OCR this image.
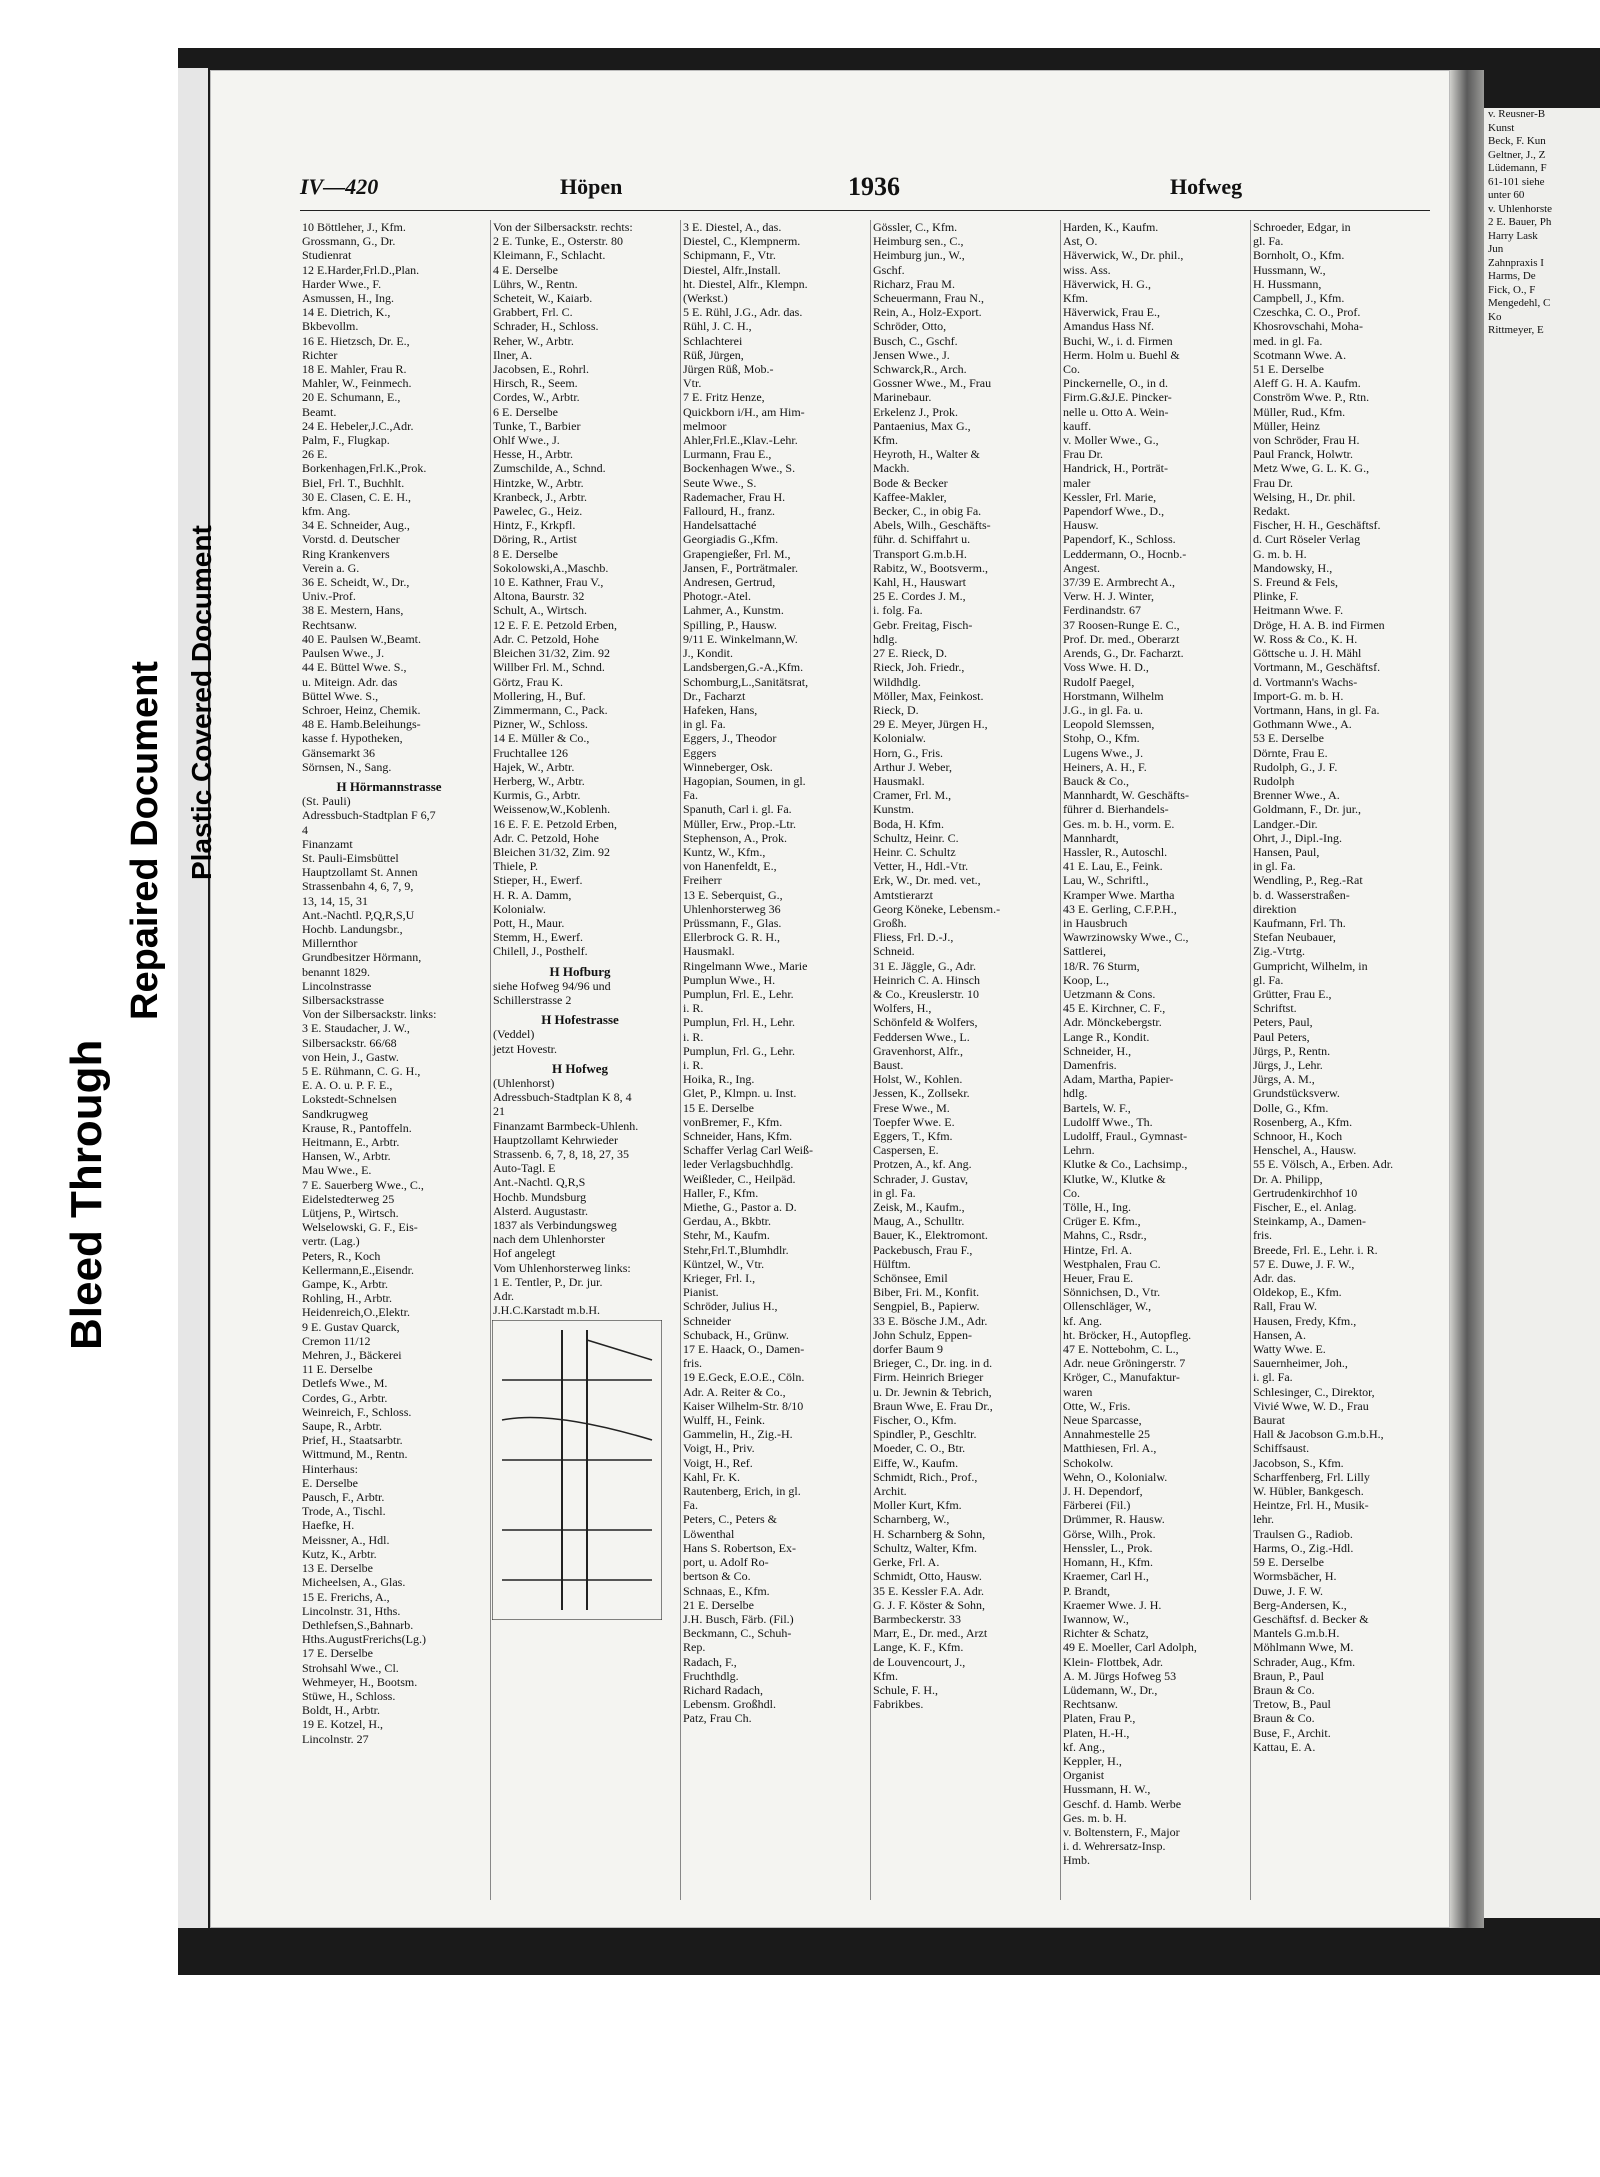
IV—420	Höpen	1936	Hofweg
10 Böttleher, J., Kfm.
Grossmann, G., Dr.
Studienrat
12 E.Harder,Frl.D.,Plan.
Harder Wwe., F.
Asmussen, H., Ing.
14 E. Dietrich, K.,
Bkbevollm.
16 E. Hietzsch, Dr. E.,
Richter
18 E. Mahler, Frau R.
Mahler, W., Feinmech.
20 E. Schumann, E.,
Beamt.
24 E. Hebeler,J.C.,Adr.
Palm, F., Flugkap.
26 E.
Borkenhagen,Frl.K.,Prok.
Biel, Frl. T., Buchhlt.
30 E. Clasen, C. E. H.,
kfm. Ang.
34 E. Schneider, Aug.,
Vorstd. d. Deutscher
Ring Krankenvers
Verein a. G.
36 E. Scheidt, W., Dr.,
Univ.-Prof.
38 E. Mestern, Hans,
Rechtsanw.
40 E. Paulsen W.,Beamt.
Paulsen Wwe., J.
44 E. Büttel Wwe. S.,
u. Miteign. Adr. das
Büttel Wwe. S.,
Schroer, Heinz, Chemik.
48 E. Hamb.Beleihungs-
kasse f. Hypotheken,
Gänsemarkt 36
Sörnsen, N., Sang.
H Hörmannstrasse
(St. Pauli)
Adressbuch-Stadtplan F 6,7
4
Finanzamt
St. Pauli-Eimsbüttel
Hauptzollamt St. Annen
Strassenbahn 4, 6, 7, 9,
13, 14, 15, 31
Ant.-Nachtl. P,Q,R,S,U
Hochb. Landungsbr.,
Millernthor
Grundbesitzer Hörmann,
benannt 1829.
Lincolnstrasse
Silbersackstrasse
Von der Silbersackstr. links:
3 E. Staudacher, J. W.,
Silbersackstr. 66/68
von Hein, J., Gastw.
5 E. Rühmann, C. G. H.,
E. A. O. u. P. F. E.,
Lokstedt-Schnelsen
Sandkrugweg
Krause, R., Pantoffeln.
Heitmann, E., Arbtr.
Hansen, W., Arbtr.
Mau Wwe., E.
7 E. Sauerberg Wwe., C.,
Eidelstedterweg 25
Lütjens, P., Wirtsch.
Welselowski, G. F., Eis-
vertr. (Lag.)
Peters, R., Koch
Kellermann,E.,Eisendr.
Gampe, K., Arbtr.
Rohling, H., Arbtr.
Heidenreich,O.,Elektr.
9 E. Gustav Quarck,
Cremon 11/12
Mehren, J., Bäckerei
11 E. Derselbe
Detlefs Wwe., M.
Cordes, G., Arbtr.
Weinreich, F., Schloss.
Saupe, R., Arbtr.
Prief, H., Staatsarbtr.
Wittmund, M., Rentn.
Hinterhaus:
E. Derselbe
Pausch, F., Arbtr.
Trode, A., Tischl.
Haefke, H.
Meissner, A., Hdl.
Kutz, K., Arbtr.
13 E. Derselbe
Micheelsen, A., Glas.
15 E. Frerichs, A.,
Lincolnstr. 31, Hths.
Dethlefsen,S.,Bahnarb.
Hths.AugustFrerichs(Lg.)
17 E. Derselbe
Strohsahl Wwe., Cl.
Wehmeyer, H., Bootsm.
Stüwe, H., Schloss.
Boldt, H., Arbtr.
19 E. Kotzel, H.,
Lincolnstr. 27
Von der Silbersackstr. rechts:
2 E. Tunke, E., Osterstr. 80
Kleimann, F., Schlacht.
4 E. Derselbe
Lührs, W., Rentn.
Scheteit, W., Kaiarb.
Grabbert, Frl. C.
Schrader, H., Schloss.
Reher, W., Arbtr.
Ilner, A.
Jacobsen, E., Rohrl.
Hirsch, R., Seem.
Cordes, W., Arbtr.
6 E. Derselbe
Tunke, T., Barbier
Ohlf Wwe., J.
Hesse, H., Arbtr.
Zumschilde, A., Schnd.
Hintzke, W., Arbtr.
Kranbeck, J., Arbtr.
Pawelec, G., Heiz.
Hintz, F., Krkpfl.
Döring, R., Artist
8 E. Derselbe
Sokolowski,A.,Maschb.
10 E. Kathner, Frau V.,
Altona, Baurstr. 32
Schult, A., Wirtsch.
12 E. F. E. Petzold Erben,
Adr. C. Petzold, Hohe
Bleichen 31/32, Zim. 92
Willber Frl. M., Schnd.
Görtz, Frau K.
Mollering, H., Buf.
Zimmermann, C., Pack.
Pizner, W., Schloss.
14 E. Müller & Co.,
Fruchtallee 126
Hajek, W., Arbtr.
Herberg, W., Arbtr.
Kurmis, G., Arbtr.
Weissenow,W.,Koblenh.
16 E. F. E. Petzold Erben,
Adr. C. Petzold, Hohe
Bleichen 31/32, Zim. 92
Thiele, P.
Stieper, H., Ewerf.
H. R. A. Damm,
Kolonialw.
Pott, H., Maur.
Stemm, H., Ewerf.
Chilell, J., Posthelf.
H Hofburg
siehe Hofweg 94/96 und
Schillerstrasse 2
H Hofestrasse
(Veddel)
jetzt Hovestr.
H Hofweg
(Uhlenhorst)
Adressbuch-Stadtplan K 8, 4
21
Finanzamt Barmbeck-Uhlenh.
Hauptzollamt Kehrwieder
Strassenb. 6, 7, 8, 18, 27, 35
Auto-Tagl. E
Ant.-Nachtl. Q,R,S
Hochb. Mundsburg
Alsterd. Augustastr.
1837 als Verbindungsweg
nach dem Uhlenhorster
Hof angelegt
Vom Uhlenhorsterweg links:
1 E. Tentler, P., Dr. jur.
Adr.
J.H.C.Karstadt m.b.H.
3 E. Diestel, A., das.
Diestel, C., Klempnerm.
Schipmann, F., Vtr.
Diestel, Alfr.,Install.
ht. Diestel, Alfr., Klempn.
(Werkst.)
5 E. Rühl, J.G., Adr. das.
Rühl, J. C. H.,
Schlachterei
Rüß, Jürgen,
Jürgen Rüß, Mob.-
Vtr.
7 E. Fritz Henze,
Quickborn i/H., am Him-
melmoor
Ahler,Frl.E.,Klav.-Lehr.
Lurmann, Frau E.,
Bockenhagen Wwe., S.
Seute Wwe., S.
Rademacher, Frau H.
Fallourd, H., franz.
Handelsattaché
Georgiadis G.,Kfm.
Grapengießer, Frl. M.,
Jansen, F., Porträtmaler.
Andresen, Gertrud,
Photogr.-Atel.
Lahmer, A., Kunstm.
Spilling, P., Hausw.
9/11 E. Winkelmann,W.
J., Kondit.
Landsbergen,G.-A.,Kfm.
Schomburg,L.,Sanitätsrat,
Dr., Facharzt
Hafeken, Hans,
in gl. Fa.
Eggers, J., Theodor
Eggers
Winneberger, Osk.
Hagopian, Soumen, in gl.
Fa.
Spanuth, Carl i. gl. Fa.
Müller, Erw., Prop.-Ltr.
Stephenson, A., Prok.
Kuntz, W., Kfm.,
von Hanenfeldt, E.,
Freiherr
13 E. Seberquist, G.,
Uhlenhorsterweg 36
Prüssmann, F., Glas.
Ellerbrock G. R. H.,
Hausmakl.
Ringelmann Wwe., Marie
Pumplun Wwe., H.
Pumplun, Frl. E., Lehr.
i. R.
Pumplun, Frl. H., Lehr.
i. R.
Pumplun, Frl. G., Lehr.
i. R.
Hoika, R., Ing.
Glet, P., Klmpn. u. Inst.
15 E. Derselbe
vonBremer, F., Kfm.
Schneider, Hans, Kfm.
Schaffer Verlag Carl Weiß-
leder Verlagsbuchhdlg.
Weißleder, C., Heilpäd.
Haller, F., Kfm.
Miethe, G., Pastor a. D.
Gerdau, A., Bkbtr.
Stehr, M., Kaufm.
Stehr,Frl.T.,Blumhdlr.
Küntzel, W., Vtr.
Krieger, Frl. I.,
Pianist.
Schröder, Julius H.,
Schneider
Schuback, H., Grünw.
17 E. Haack, O., Damen-
fris.
19 E.Geck, E.O.E., Cöln.
Adr. A. Reiter & Co.,
Kaiser Wilhelm-Str. 8/10
Wulff, H., Feink.
Gammelin, H., Zig.-H.
Voigt, H., Priv.
Voigt, H., Ref.
Kahl, Fr. K.
Rautenberg, Erich, in gl.
Fa.
Peters, C., Peters &
Löwenthal
Hans S. Robertson, Ex-
port, u. Adolf Ro-
bertson & Co.
Schnaas, E., Kfm.
21 E. Derselbe
J.H. Busch, Färb. (Fil.)
Beckmann, C., Schuh-
Rep.
Radach, F.,
Fruchthdlg.
Richard Radach,
Lebensm. Großhdl.
Patz, Frau Ch.
Gössler, C., Kfm.
Heimburg sen., C.,
Heimburg jun., W.,
Gschf.
Richarz, Frau M.
Scheuermann, Frau N.,
Rein, A., Holz-Export.
Schröder, Otto,
Busch, C., Gschf.
Jensen Wwe., J.
Schwarck,R., Arch.
Gossner Wwe., M., Frau
Marinebaur.
Erkelenz J., Prok.
Pantaenius, Max G.,
Kfm.
Heyroth, H., Walter &
Mackh.
Bode & Becker
Kaffee-Makler,
Becker, C., in obig Fa.
Abels, Wilh., Geschäfts-
führ. d. Schiffahrt u.
Transport G.m.b.H.
Rabitz, W., Bootsverm.,
Kahl, H., Hauswart
25 E. Cordes J. M.,
i. folg. Fa.
Gebr. Freitag, Fisch-
hdlg.
27 E. Rieck, D.
Rieck, Joh. Friedr.,
Wildhdlg.
Möller, Max, Feinkost.
Rieck, D.
29 E. Meyer, Jürgen H.,
Kolonialw.
Horn, G., Fris.
Arthur J. Weber,
Hausmakl.
Cramer, Frl. M.,
Kunstm.
Boda, H. Kfm.
Schultz, Heinr. C.
Heinr. C. Schultz
Vetter, H., Hdl.-Vtr.
Erk, W., Dr. med. vet.,
Amtstierarzt
Georg Köneke, Lebensm.-
Großh.
Fliess, Frl. D.-J.,
Schneid.
31 E. Jäggle, G., Adr.
Heinrich C. A. Hinsch
& Co., Kreuslerstr. 10
Wolfers, H.,
Schönfeld & Wolfers,
Feddersen Wwe., L.
Gravenhorst, Alfr.,
Baust.
Holst, W., Kohlen.
Jessen, K., Zollsekr.
Frese Wwe., M.
Toepfer Wwe. E.
Eggers, T., Kfm.
Caspersen, E.
Protzen, A., kf. Ang.
Schrader, J. Gustav,
in gl. Fa.
Zeisk, M., Kaufm.,
Maug, A., Schulltr.
Bauer, K., Elektromont.
Packebusch, Frau F.,
Hülftm.
Schönsee, Emil
Biber, Fri. M., Konfit.
Sengpiel, B., Papierw.
33 E. Bösche J.M., Adr.
John Schulz, Eppen-
dorfer Baum 9
Brieger, C., Dr. ing. in d.
Firm. Heinrich Brieger
u. Dr. Jewnin & Tebrich,
Braun Wwe, E. Frau Dr.,
Fischer, O., Kfm.
Spindler, P., Geschltr.
Moeder, C. O., Btr.
Eiffe, W., Kaufm.
Schmidt, Rich., Prof.,
Archit.
Moller Kurt, Kfm.
Scharnberg, W.,
H. Scharnberg & Sohn,
Schultz, Walter, Kfm.
Gerke, Frl. A.
Schmidt, Otto, Hausw.
35 E. Kessler F.A. Adr.
G. J. F. Köster & Sohn,
Barmbeckerstr. 33
Marr, E., Dr. med., Arzt
Lange, K. F., Kfm.
de Louvencourt, J.,
Kfm.
Schule, F. H.,
Fabrikbes.
Harden, K., Kaufm.
Ast, O.
Häverwick, W., Dr. phil.,
wiss. Ass.
Häverwick, H. G.,
Kfm.
Häverwick, Frau E.,
Amandus Hass Nf.
Buchi, W., i. d. Firmen
Herm. Holm u. Buehl &
Co.
Pinckernelle, O., in d.
Firm.G.&J.E. Pincker-
nelle u. Otto A. Wein-
kauff.
v. Moller Wwe., G.,
Frau Dr.
Handrick, H., Porträt-
maler
Kessler, Frl. Marie,
Papendorf Wwe., D.,
Hausw.
Papendorf, K., Schloss.
Leddermann, O., Hocnb.-
Angest.
37/39 E. Armbrecht A.,
Verw. H. J. Winter,
Ferdinandstr. 67
37 Roosen-Runge E. C.,
Prof. Dr. med., Oberarzt
Arends, G., Dr. Facharzt.
Voss Wwe. H. D.,
Rudolf Paegel,
Horstmann, Wilhelm
J.G., in gl. Fa. u.
Leopold Slemssen,
Stohp, O., Kfm.
Lugens Wwe., J.
Heiners, A. H., F.
Bauck & Co.,
Mannhardt, W. Geschäfts-
führer d. Bierhandels-
Ges. m. b. H., vorm. E.
Mannhardt,
Hassler, R., Autoschl.
41 E. Lau, E., Feink.
Lau, W., Schriftl.,
Kramper Wwe. Martha
43 E. Gerling, C.F.P.H.,
in Hausbruch
Wawrzinowsky Wwe., C.,
Sattlerei,
18/R. 76 Sturm,
Koop, L.,
Uetzmann & Cons.
45 E. Kirchner, C. F.,
Adr. Mönckebergstr.
Lange R., Kondit.
Schneider, H.,
Damenfris.
Adam, Martha, Papier-
hdlg.
Bartels, W. F.,
Ludolff Wwe., Th.
Ludolff, Fraul., Gymnast-
Lehrn.
Klutke & Co., Lachsimp.,
Klutke, W., Klutke &
Co.
Tölle, H., Ing.
Crüger E. Kfm.,
Mahns, C., Rsdr.,
Hintze, Frl. A.
Westphalen, Frau C.
Heuer, Frau E.
Sönnichsen, D., Vtr.
Ollenschläger, W.,
kf. Ang.
ht. Bröcker, H., Autopfleg.
47 E. Nottebohm, C. L.,
Adr. neue Gröningerstr. 7
Kröger, C., Manufaktur-
waren
Otte, W., Fris.
Neue Sparcasse,
Annahmestelle 25
Matthiesen, Frl. A.,
Schokolw.
Wehn, O., Kolonialw.
J. H. Dependorf,
Färberei (Fil.)
Drümmer, R. Hausw.
Görse, Wilh., Prok.
Henssler, L., Prok.
Homann, H., Kfm.
Kraemer, Carl H.,
P. Brandt,
Kraemer Wwe. J. H.
Iwannow, W.,
Richter & Schatz,
49 E. Moeller, Carl Adolph,
Klein- Flottbek, Adr.
A. M. Jürgs Hofweg 53
Lüdemann, W., Dr.,
Rechtsanw.
Platen, Frau P.,
Platen, H.-H.,
kf. Ang.,
Keppler, H.,
Organist
Hussmann, H. W.,
Geschf. d. Hamb. Werbe
Ges. m. b. H.
v. Boltenstern, F., Major
i. d. Wehrersatz-Insp.
Hmb.
Schroeder, Edgar, in
gl. Fa.
Bornholt, O., Kfm.
Hussmann, W.,
H. Hussmann,
Campbell, J., Kfm.
Czeschka, C. O., Prof.
Khosrovschahi, Moha-
med. in gl. Fa.
Scotmann Wwe. A.
51 E. Derselbe
Aleff G. H. A. Kaufm.
Conström Wwe. P., Rtn.
Müller, Rud., Kfm.
Müller, Heinz
von Schröder, Frau H.
Paul Franck, Holwtr.
Metz Wwe, G. L. K. G.,
Frau Dr.
Welsing, H., Dr. phil.
Redakt.
Fischer, H. H., Geschäftsf.
d. Curt Röseler Verlag
G. m. b. H.
Mandowsky, H.,
S. Freund & Fels,
Plinke, F.
Heitmann Wwe. F.
Dröge, H. A. B. ind Firmen
W. Ross & Co., K. H.
Göttsche u. J. H. Mähl
Vortmann, M., Geschäftsf.
d. Vortmann's Wachs-
Import-G. m. b. H.
Vortmann, Hans, in gl. Fa.
Gothmann Wwe., A.
53 E. Derselbe
Dörnte, Frau E.
Rudolph, G., J. F.
Rudolph
Brenner Wwe., A.
Goldmann, F., Dr. jur.,
Landger.-Dir.
Ohrt, J., Dipl.-Ing.
Hansen, Paul,
in gl. Fa.
Wendling, P., Reg.-Rat
b. d. Wasserstraßen-
direktion
Kaufmann, Frl. Th.
Stefan Neubauer,
Zig.-Vtrtg.
Gumpricht, Wilhelm, in
gl. Fa.
Grütter, Frau E.,
Schriftst.
Peters, Paul,
Paul Peters,
Jürgs, P., Rentn.
Jürgs, J., Lehr.
Jürgs, A. M.,
Grundstücksverw.
Dolle, G., Kfm.
Rosenberg, A., Kfm.
Schnoor, H., Koch
Henschel, A., Hausw.
55 E. Völsch, A., Erben. Adr.
Dr. A. Philipp,
Gertrudenkirchhof 10
Fischer, E., el. Anlag.
Steinkamp, A., Damen-
fris.
Breede, Frl. E., Lehr. i. R.
57 E. Duwe, J. F. W.,
Adr. das.
Oldekop, E., Kfm.
Rall, Frau W.
Hausen, Fredy, Kfm.,
Hansen, A.
Watty Wwe. E.
Sauernheimer, Joh.,
i. gl. Fa.
Schlesinger, C., Direktor,
Vivié Wwe, W. D., Frau
Baurat
Hall & Jacobson G.m.b.H.,
Schiffsaust.
Jacobson, S., Kfm.
Scharffenberg, Frl. Lilly
W. Hübler, Bankgesch.
Heintze, Frl. H., Musik-
lehr.
Traulsen G., Radiob.
Harms, O., Zig.-Hdl.
59 E. Derselbe
Wormsbächer, H.
Duwe, J. F. W.
Berg-Andersen, K.,
Geschäftsf. d. Becker &
Mantels G.m.b.H.
Möhlmann Wwe, M.
Schrader, Aug., Kfm.
Braun, P., Paul
Braun & Co.
Tretow, B., Paul
Braun & Co.
Buse, F., Archit.
Kattau, E. A.
v. Reusner-B
Kunst
Beck, F. Kun
Geltner, J., Z
Lüdemann, F
61-101 siehe
unter 60
v. Uhlenhorste
2 E. Bauer, Ph
Harry Lask
Jun
Zahnpraxis I
Harms, De
Fick, O., F
Mengedehl, C
Ko
Rittmeyer, E
Bleed Through
Repaired Document Plastic Covered Document
